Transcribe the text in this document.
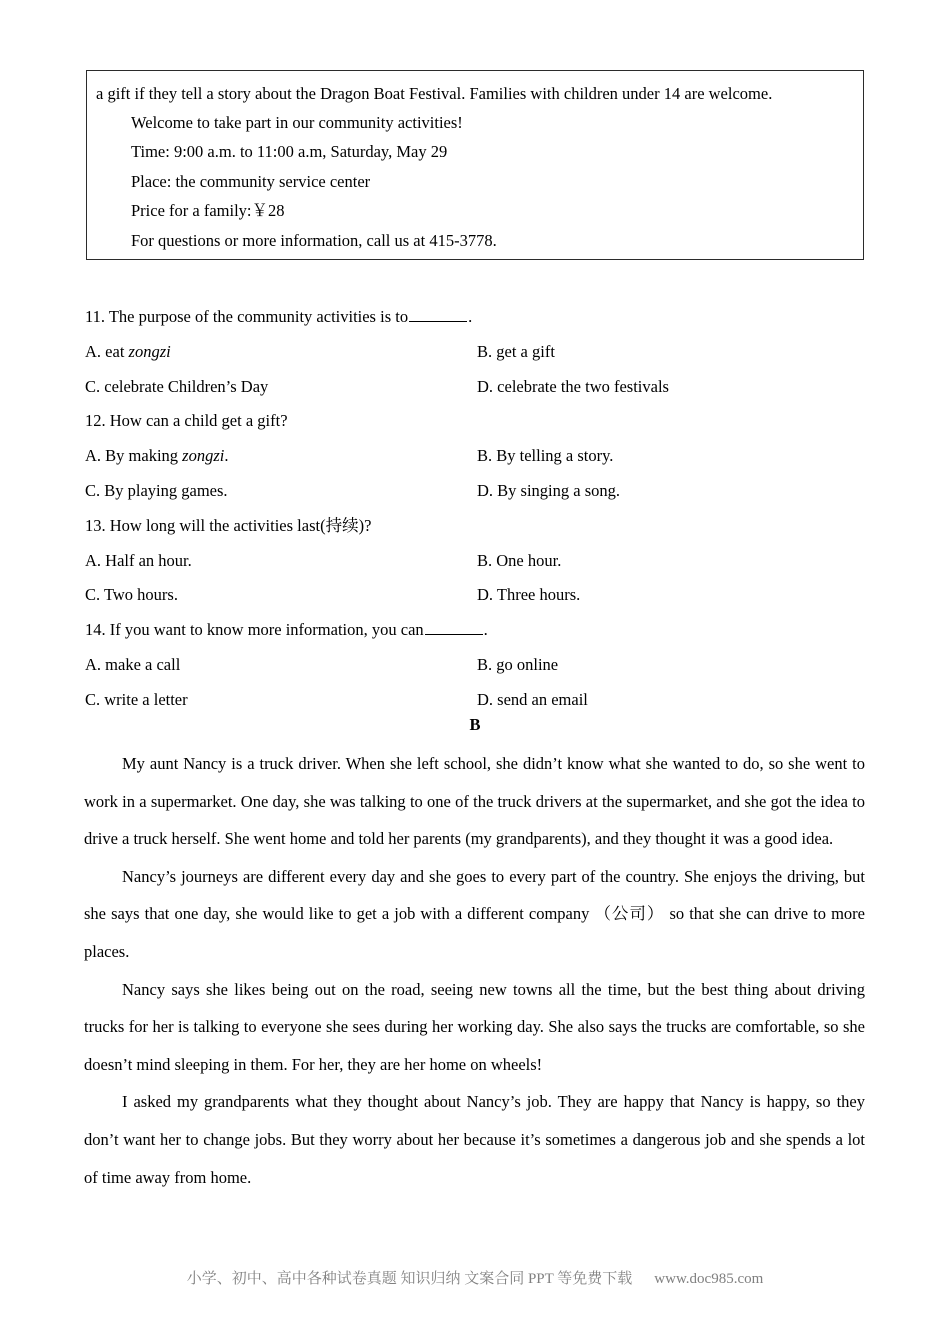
a gift if they tell a story about the Dragon Boat Festival. Families with children under 14 are welcome.
Welcome to take part in our community activities!
Time: 9:00 a.m. to 11:00 a.m, Saturday, May 29
Place: the community service center
Price for a family:￥28
For questions or more information, call us at 415-3778.
11. The purpose of the community activities is to	.
A. eat zongzi	B. get a gift
C. celebrate Children’s Day	D. celebrate the two festivals
12. How can a child get a gift?
A. By making zongzi.	B. By telling a story.
C. By playing games.	D. By singing a song.
13. How long will the activities last(持续)?
A. Half an hour.	B. One hour.
C. Two hours.	D. Three hours.
14. If you want to know more information, you can	.
A. make a call	B. go online
C. write a letter	D. send an email
B

My aunt Nancy is a truck driver. When she left school, she didn’t know what she wanted to do, so she went to work in a supermarket. One day, she was talking to one of the truck drivers at the supermarket, and she got the idea to drive a truck herself. She went home and told her parents (my grandparents), and they thought it was a good idea.

Nancy’s journeys are different every day and she goes to every part of the country. She enjoys the driving, but she says that one day, she would like to get a job with a different company （公司） so that she can drive to more places.

Nancy says she likes being out on the road, seeing new towns all the time, but the best thing about driving trucks for her is talking to everyone she sees during her working day. She also says the trucks are comfortable, so she doesn’t mind sleeping in them. For her, they are her home on wheels!

I asked my grandparents what they thought about Nancy’s job. They are happy that Nancy is happy, so they don’t want her to change jobs. But they worry about her because it’s sometimes a dangerous job and she spends a lot of time away from home.

小学、初中、高中各种试卷真题 知识归纳 文案合同 PPT 等免费下载 www.doc985.com
